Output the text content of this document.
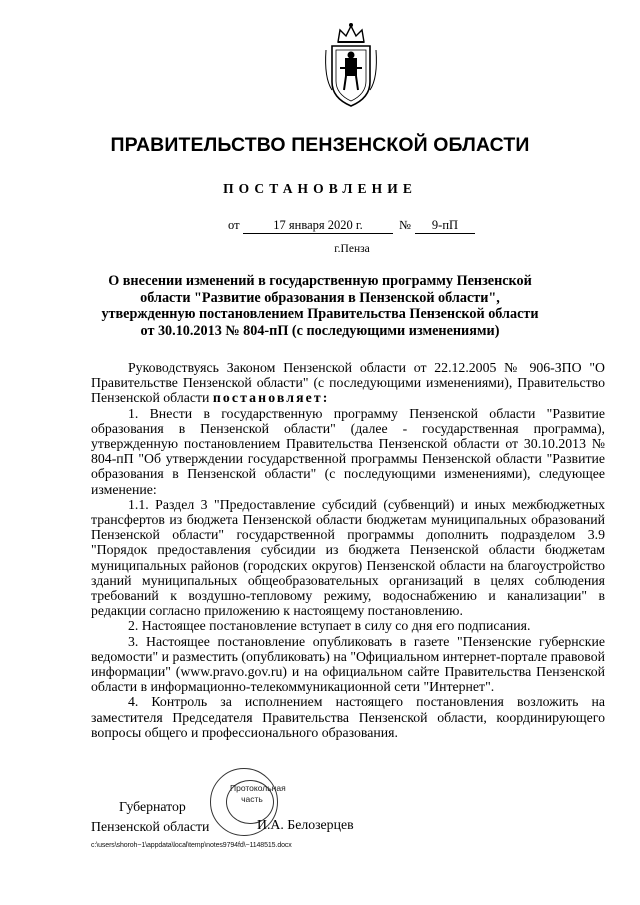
ПРАВИТЕЛЬСТВО ПЕНЗЕНСКОЙ ОБЛАСТИ
ПОСТАНОВЛЕНИЕ
от	17 января 2020 г.	№	9-пП
г.Пенза
О внесении изменений в государственную программу Пензенской области "Развитие образования в Пензенской области", утвержденную постановлением Правительства Пензенской области от 30.10.2013 № 804-пП (с последующими изменениями)

Руководствуясь Законом Пензенской области от 22.12.2005 № 906-ЗПО "О Правительстве Пензенской области" (с последующими изменениями), Правительство Пензенской области постановляет:

1. Внести в государственную программу Пензенской области "Развитие образования в Пензенской области" (далее - государственная программа), утвержденную постановлением Правительства Пензенской области от 30.10.2013 № 804-пП "Об утверждении государственной программы Пензенской области "Развитие образования в Пензенской области" (с последующими изменениями), следующее изменение:

1.1. Раздел 3 "Предоставление субсидий (субвенций) и иных межбюджетных трансфертов из бюджета Пензенской области бюджетам муниципальных образований Пензенской области" государственной программы дополнить подразделом 3.9 "Порядок предоставления субсидии из бюджета Пензенской области бюджетам муниципальных районов (городских округов) Пензенской области на благоустройство зданий муниципальных общеобразовательных организаций в целях соблюдения требований к воздушно-тепловому режиму, водоснабжению и канализации" в редакции согласно приложению к настоящему постановлению.

2. Настоящее постановление вступает в силу со дня его подписания.

3. Настоящее постановление опубликовать в газете "Пензенские губернские ведомости" и разместить (опубликовать) на "Официальном интернет-портале правовой информации" (www.pravo.gov.ru) и на официальном сайте Правительства Пензенской области в информационно-телекоммуникационной сети "Интернет".

4. Контроль за исполнением настоящего постановления возложить на заместителя Председателя Правительства Пензенской области, координирующего вопросы общего и профессионального образования.

Протокольная
часть
Губернатор
Пензенской области	И.А. Белозерцев
c:\users\shoroh~1\appdata\local\temp\notes9794fd\~1148515.docx
